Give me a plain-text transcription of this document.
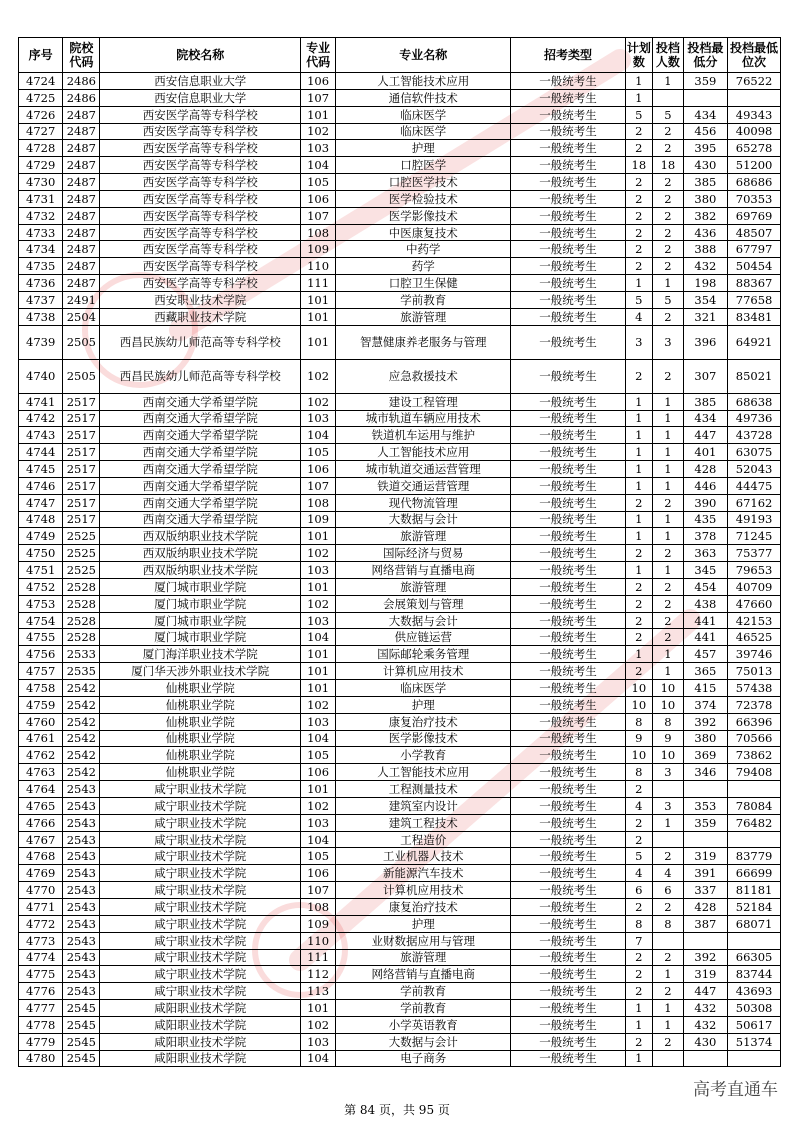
序号	院校代码	院校名称	专业代码	专业名称	招考类型	计划数	投档人数	投档最低分	投档最低位次
4724	2486	西安信息职业大学	106	人工智能技术应用	一般统考生	1	1	359	76522
4725	2486	西安信息职业大学	107	通信软件技术	一般统考生	1			
4726	2487	西安医学高等专科学校	101	临床医学	一般统考生	5	5	434	49343
4727	2487	西安医学高等专科学校	102	临床医学	一般统考生	2	2	456	40098
4728	2487	西安医学高等专科学校	103	护理	一般统考生	2	2	395	65278
4729	2487	西安医学高等专科学校	104	口腔医学	一般统考生	18	18	430	51200
4730	2487	西安医学高等专科学校	105	口腔医学技术	一般统考生	2	2	385	68686
4731	2487	西安医学高等专科学校	106	医学检验技术	一般统考生	2	2	380	70353
4732	2487	西安医学高等专科学校	107	医学影像技术	一般统考生	2	2	382	69769
4733	2487	西安医学高等专科学校	108	中医康复技术	一般统考生	2	2	436	48507
4734	2487	西安医学高等专科学校	109	中药学	一般统考生	2	2	388	67797
4735	2487	西安医学高等专科学校	110	药学	一般统考生	2	2	432	50454
4736	2487	西安医学高等专科学校	111	口腔卫生保健	一般统考生	1	1	198	88367
4737	2491	西安职业技术学院	101	学前教育	一般统考生	5	5	354	77658
4738	2504	西藏职业技术学院	101	旅游管理	一般统考生	4	2	321	83481
4739	2505	西昌民族幼儿师范高等专科学校	101	智慧健康养老服务与管理	一般统考生	3	3	396	64921
4740	2505	西昌民族幼儿师范高等专科学校	102	应急救援技术	一般统考生	2	2	307	85021
4741	2517	西南交通大学希望学院	102	建设工程管理	一般统考生	1	1	385	68638
4742	2517	西南交通大学希望学院	103	城市轨道车辆应用技术	一般统考生	1	1	434	49736
4743	2517	西南交通大学希望学院	104	铁道机车运用与维护	一般统考生	1	1	447	43728
4744	2517	西南交通大学希望学院	105	人工智能技术应用	一般统考生	1	1	401	63075
4745	2517	西南交通大学希望学院	106	城市轨道交通运营管理	一般统考生	1	1	428	52043
4746	2517	西南交通大学希望学院	107	铁道交通运营管理	一般统考生	1	1	446	44475
4747	2517	西南交通大学希望学院	108	现代物流管理	一般统考生	2	2	390	67162
4748	2517	西南交通大学希望学院	109	大数据与会计	一般统考生	1	1	435	49193
4749	2525	西双版纳职业技术学院	101	旅游管理	一般统考生	1	1	378	71245
4750	2525	西双版纳职业技术学院	102	国际经济与贸易	一般统考生	2	2	363	75377
4751	2525	西双版纳职业技术学院	103	网络营销与直播电商	一般统考生	1	1	345	79653
4752	2528	厦门城市职业学院	101	旅游管理	一般统考生	2	2	454	40709
4753	2528	厦门城市职业学院	102	会展策划与管理	一般统考生	2	2	438	47660
4754	2528	厦门城市职业学院	103	大数据与会计	一般统考生	2	2	441	42153
4755	2528	厦门城市职业学院	104	供应链运营	一般统考生	2	2	441	46525
4756	2533	厦门海洋职业技术学院	101	国际邮轮乘务管理	一般统考生	1	1	457	39746
4757	2535	厦门华天涉外职业技术学院	101	计算机应用技术	一般统考生	2	1	365	75013
4758	2542	仙桃职业学院	101	临床医学	一般统考生	10	10	415	57438
4759	2542	仙桃职业学院	102	护理	一般统考生	10	10	374	72378
4760	2542	仙桃职业学院	103	康复治疗技术	一般统考生	8	8	392	66396
4761	2542	仙桃职业学院	104	医学影像技术	一般统考生	9	9	380	70566
4762	2542	仙桃职业学院	105	小学教育	一般统考生	10	10	369	73862
4763	2542	仙桃职业学院	106	人工智能技术应用	一般统考生	8	3	346	79408
4764	2543	咸宁职业技术学院	101	工程测量技术	一般统考生	2			
4765	2543	咸宁职业技术学院	102	建筑室内设计	一般统考生	4	3	353	78084
4766	2543	咸宁职业技术学院	103	建筑工程技术	一般统考生	2	1	359	76482
4767	2543	咸宁职业技术学院	104	工程造价	一般统考生	2			
4768	2543	咸宁职业技术学院	105	工业机器人技术	一般统考生	5	2	319	83779
4769	2543	咸宁职业技术学院	106	新能源汽车技术	一般统考生	4	4	391	66699
4770	2543	咸宁职业技术学院	107	计算机应用技术	一般统考生	6	6	337	81181
4771	2543	咸宁职业技术学院	108	康复治疗技术	一般统考生	2	2	428	52184
4772	2543	咸宁职业技术学院	109	护理	一般统考生	8	8	387	68071
4773	2543	咸宁职业技术学院	110	业财数据应用与管理	一般统考生	7			
4774	2543	咸宁职业技术学院	111	旅游管理	一般统考生	2	2	392	66305
4775	2543	咸宁职业技术学院	112	网络营销与直播电商	一般统考生	2	1	319	83744
4776	2543	咸宁职业技术学院	113	学前教育	一般统考生	2	2	447	43693
4777	2545	咸阳职业技术学院	101	学前教育	一般统考生	1	1	432	50308
4778	2545	咸阳职业技术学院	102	小学英语教育	一般统考生	1	1	432	50617
4779	2545	咸阳职业技术学院	103	大数据与会计	一般统考生	2	2	430	51374
4780	2545	咸阳职业技术学院	104	电子商务	一般统考生	1			
高考直通车
第 84 页，共 95 页
